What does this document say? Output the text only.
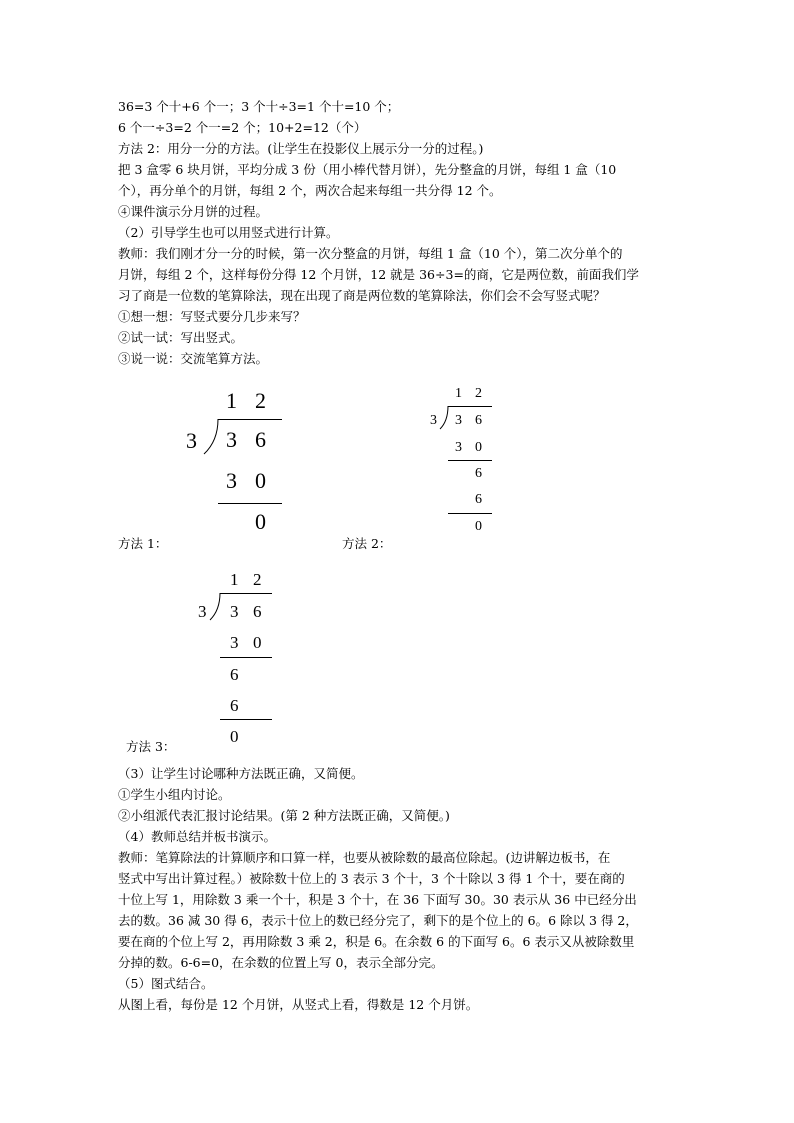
36=3 个十+6 个一；3 个十÷3=1 个十=10 个；
6 个一÷3=2 个一=2 个；10+2=12（个）
方法 2：用分一分的方法。(让学生在投影仪上展示分一分的过程。)
把 3 盒零 6 块月饼，平均分成 3 份（用小棒代替月饼），先分整盒的月饼，每组 1 盒（10
个），再分单个的月饼，每组 2 个，两次合起来每组一共分得 12 个。
④课件演示分月饼的过程。
（2）引导学生也可以用竖式进行计算。
教师：我们刚才分一分的时候，第一次分整盒的月饼，每组 1 盒（10 个），第二次分单个的
月饼，每组 2 个，这样每份分得 12 个月饼，12 就是 36÷3=的商，它是两位数，前面我们学
习了商是一位数的笔算除法，现在出现了商是两位数的笔算除法，你们会不会写竖式呢？
①想一想：写竖式要分几步来写？
②试一试：写出竖式。
③说一说：交流笔算方法。
1 2
3 3 6
3 0
0
1 2
3 3 6
3 0
6
6
0
方法 1：	方法 2：
1 2
3 3 6
3 0
6
6
0
方法 3：
（3）让学生讨论哪种方法既正确，又简便。
①学生小组内讨论。
②小组派代表汇报讨论结果。(第 2 种方法既正确，又简便。)
（4）教师总结并板书演示。
教师：笔算除法的计算顺序和口算一样，也要从被除数的最高位除起。(边讲解边板书，在
竖式中写出计算过程。）被除数十位上的 3 表示 3 个十，3 个十除以 3 得 1 个十，要在商的
十位上写 1，用除数 3 乘一个十，积是 3 个十，在 36 下面写 30。30 表示从 36 中已经分出
去的数。36 减 30 得 6，表示十位上的数已经分完了，剩下的是个位上的 6。6 除以 3 得 2，
要在商的个位上写 2，再用除数 3 乘 2，积是 6。在余数 6 的下面写 6。6 表示又从被除数里
分掉的数。6-6=0，在余数的位置上写 0，表示全部分完。
（5）图式结合。
从图上看，每份是 12 个月饼，从竖式上看，得数是 12 个月饼。
